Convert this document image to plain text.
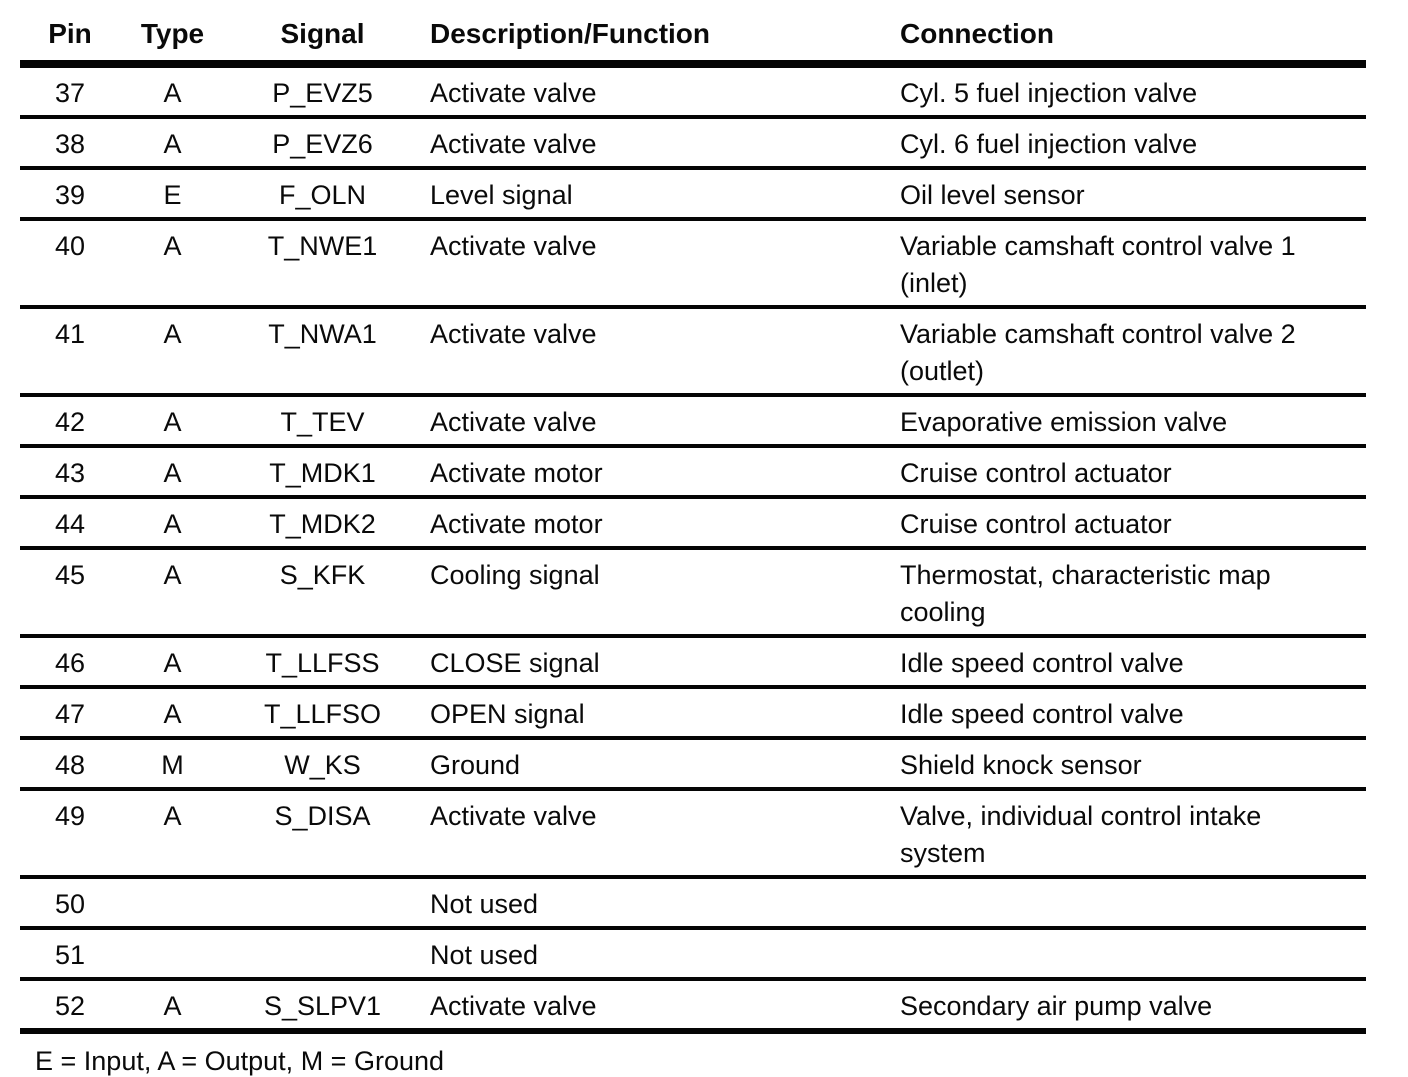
Pin	Type	Signal	Description/Function	Connection
37	A	P_EVZ5	Activate valve	Cyl. 5 fuel injection valve
38	A	P_EVZ6	Activate valve	Cyl. 6 fuel injection valve
39	E	F_OLN	Level signal	Oil level sensor
40	A	T_NWE1	Activate valve	Variable camshaft control valve 1 (inlet)
41	A	T_NWA1	Activate valve	Variable camshaft control valve 2 (outlet)
42	A	T_TEV	Activate valve	Evaporative emission valve
43	A	T_MDK1	Activate motor	Cruise control actuator
44	A	T_MDK2	Activate motor	Cruise control actuator
45	A	S_KFK	Cooling signal	Thermostat, characteristic map cooling
46	A	T_LLFSS	CLOSE signal	Idle speed control valve
47	A	T_LLFSO	OPEN signal	Idle speed control valve
48	M	W_KS	Ground	Shield knock sensor
49	A	S_DISA	Activate valve	Valve, individual control intake system
50			Not used	
51			Not used	
52	A	S_SLPV1	Activate valve	Secondary air pump valve
E = Input, A = Output, M = Ground
